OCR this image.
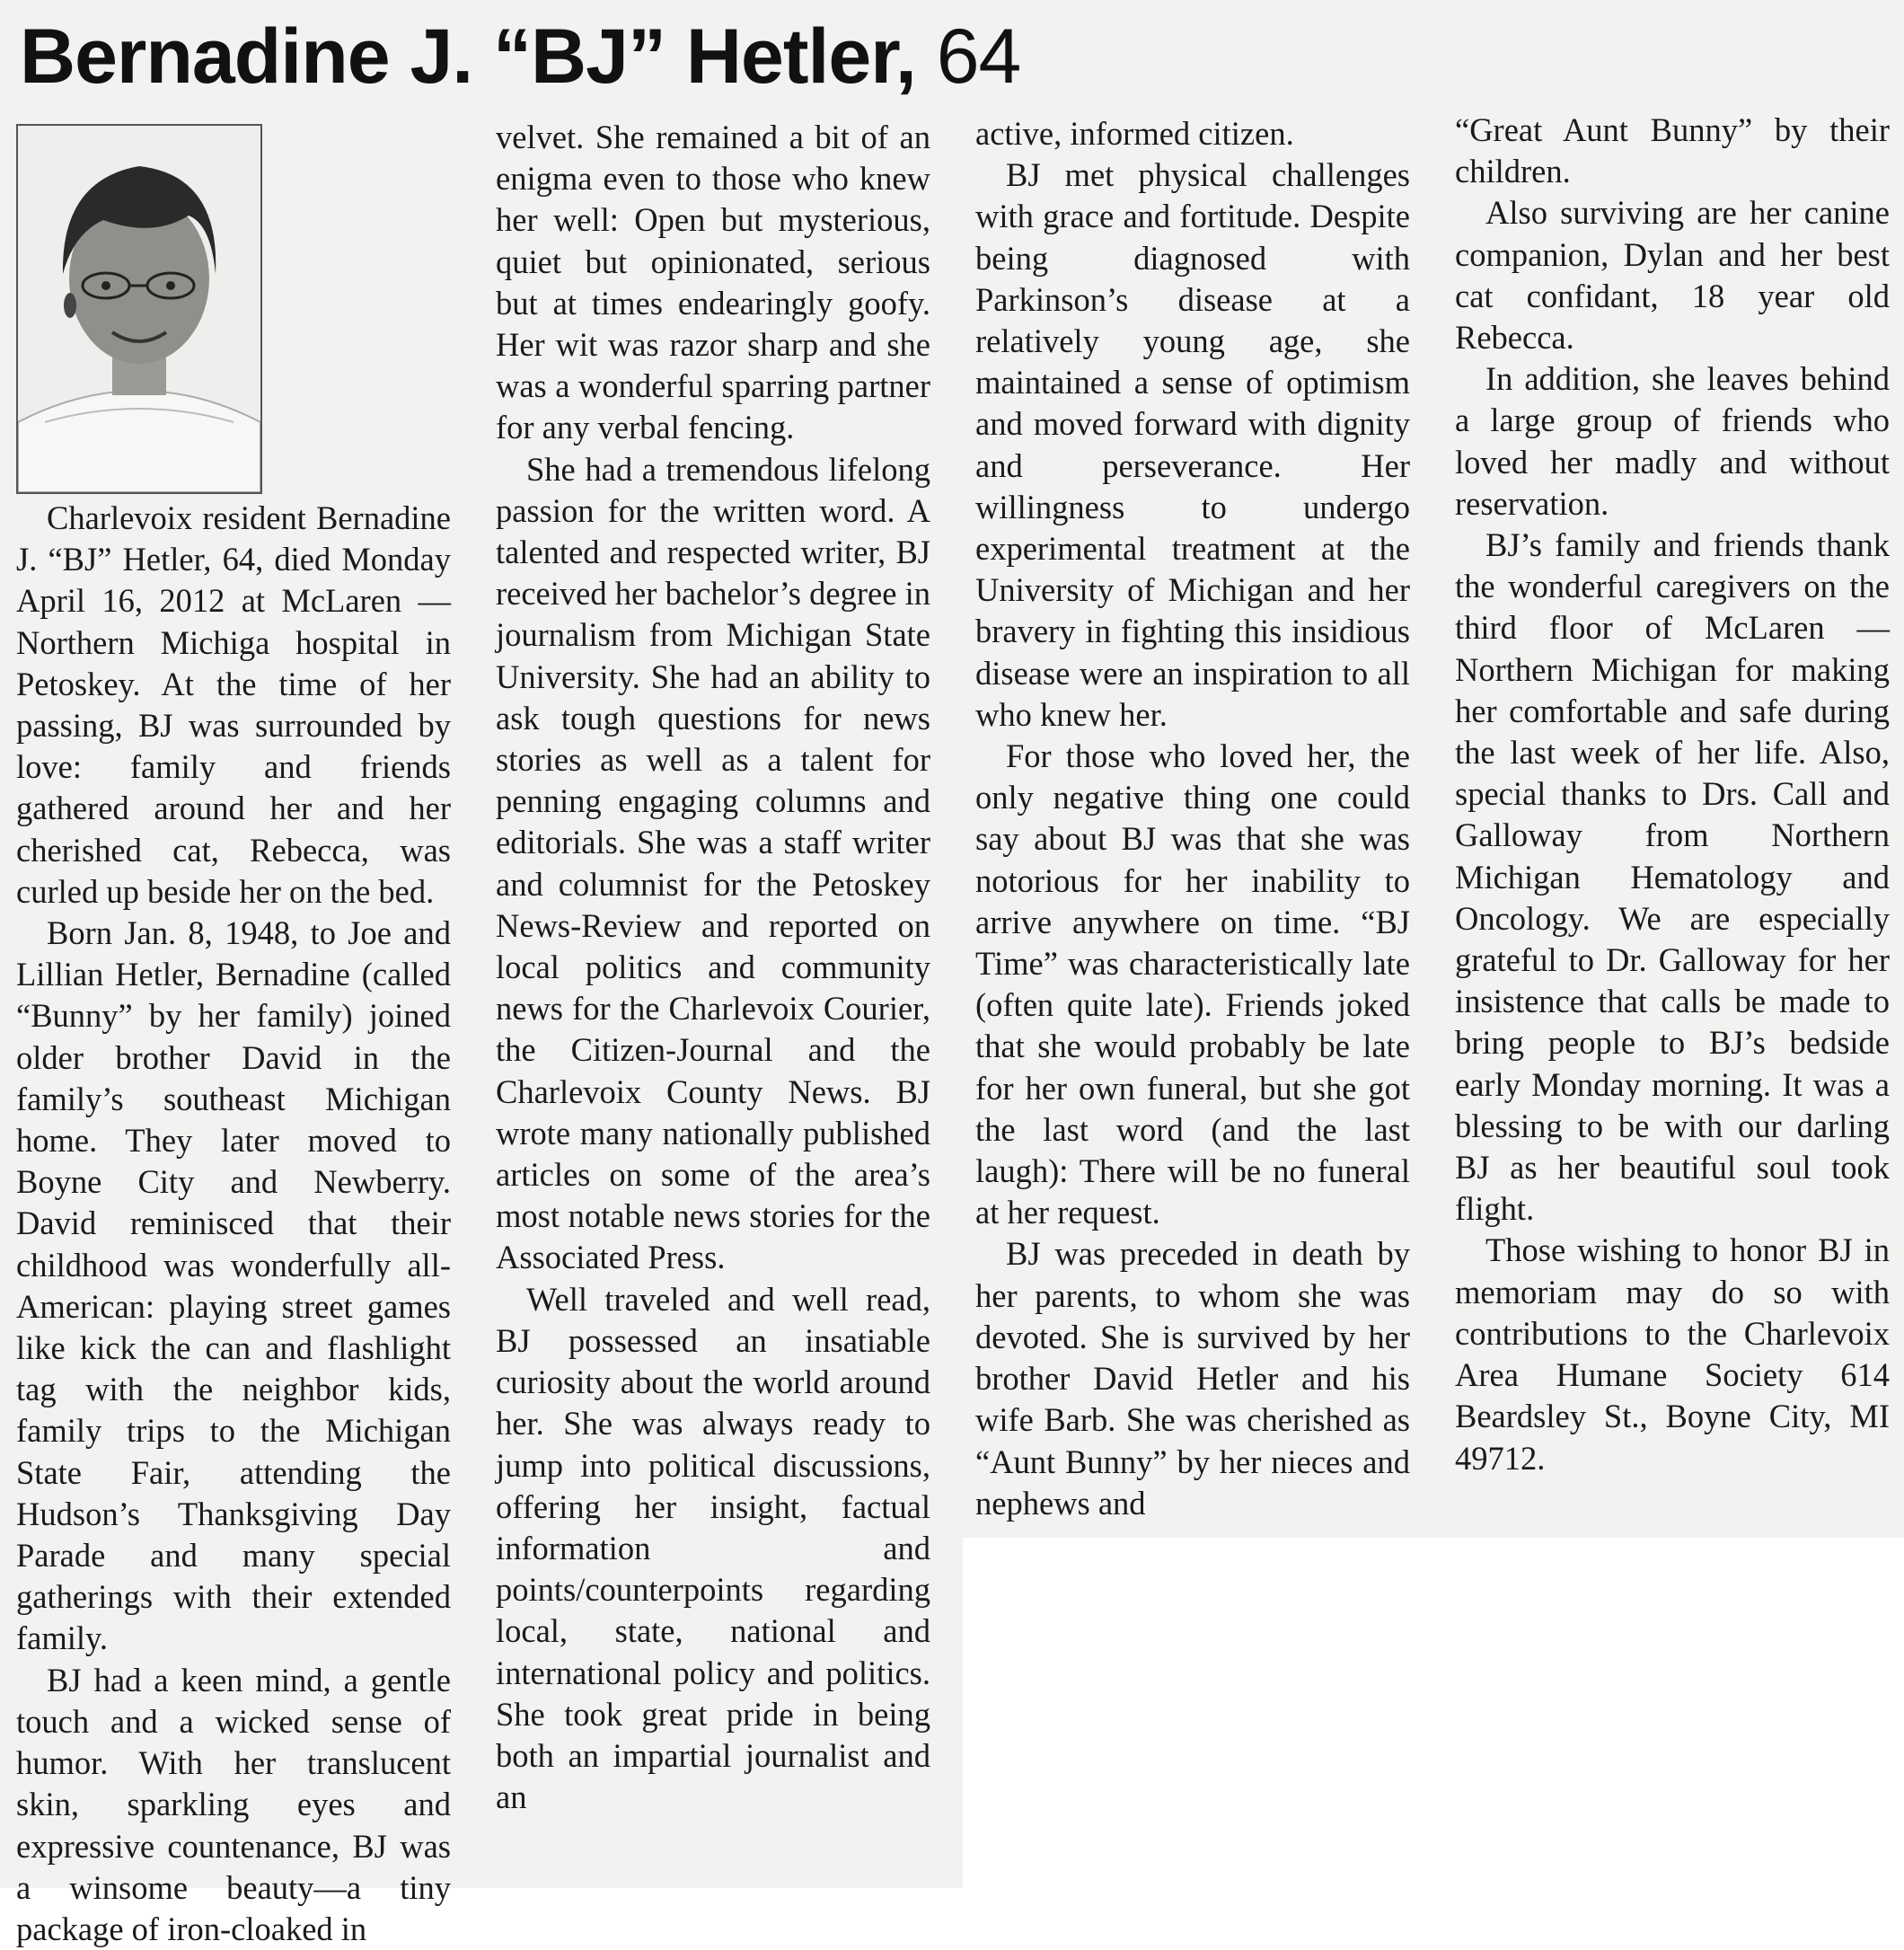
Bernadine J. “BJ” Hetler, 64

Charlevoix resident Bernadine J. “BJ” Hetler, 64, died Monday April 16, 2012 at McLaren — Northern Michiga hospital in Petoskey. At the time of her passing, BJ was surrounded by love: family and friends gathered around her and her cherished cat, Rebecca, was curled up beside her on the bed.

Born Jan. 8, 1948, to Joe and Lillian Hetler, Bernadine (called “Bunny” by her family) joined older brother David in the family’s southeast Michigan home. They later moved to Boyne City and Newberry. David reminisced that their childhood was wonderfully all-American: playing street games like kick the can and flashlight tag with the neighbor kids, family trips to the Michigan State Fair, attending the Hudson’s Thanksgiving Day Parade and many special gatherings with their extended family.

BJ had a keen mind, a gentle touch and a wicked sense of humor. With her translucent skin, sparkling eyes and expressive countenance, BJ was a winsome beauty—a tiny package of iron-cloaked in

velvet. She remained a bit of an enigma even to those who knew her well: Open but mysterious, quiet but opinionated, serious but at times endearingly goofy. Her wit was razor sharp and she was a wonderful sparring partner for any verbal fencing.

She had a tremendous lifelong passion for the written word. A talented and respected writer, BJ received her bachelor’s degree in journalism from Michigan State University. She had an ability to ask tough questions for news stories as well as a talent for penning engaging columns and editorials. She was a staff writer and columnist for the Petoskey News-Review and reported on local politics and community news for the Charlevoix Courier, the Citizen-Journal and the Charlevoix County News. BJ wrote many nationally published articles on some of the area’s most notable news stories for the Associated Press.

Well traveled and well read, BJ possessed an insatiable curiosity about the world around her. She was always ready to jump into political discussions, offering her insight, factual information and points/counterpoints regarding local, state, national and international policy and politics. She took great pride in being both an impartial journalist and an

active, informed citizen.

BJ met physical challenges with grace and fortitude. Despite being diagnosed with Parkinson’s disease at a relatively young age, she maintained a sense of optimism and moved forward with dignity and perseverance. Her willingness to undergo experimental treatment at the University of Michigan and her bravery in fighting this insidious disease were an inspiration to all who knew her.

For those who loved her, the only negative thing one could say about BJ was that she was notorious for her inability to arrive anywhere on time. “BJ Time” was characteristically late (often quite late). Friends joked that she would probably be late for her own funeral, but she got the last word (and the last laugh): There will be no funeral at her request.

BJ was preceded in death by her parents, to whom she was devoted. She is survived by her brother David Hetler and his wife Barb. She was cherished as “Aunt Bunny” by her nieces and nephews and

“Great Aunt Bunny” by their children.

Also surviving are her canine companion, Dylan and her best cat confidant, 18 year old Rebecca.

In addition, she leaves behind a large group of friends who loved her madly and without reservation.

BJ’s family and friends thank the wonderful caregivers on the third floor of McLaren — Northern Michigan for making her comfortable and safe during the last week of her life. Also, special thanks to Drs. Call and Galloway from Northern Michigan Hematology and Oncology. We are especially grateful to Dr. Galloway for her insistence that calls be made to bring people to BJ’s bedside early Monday morning. It was a blessing to be with our darling BJ as her beautiful soul took flight.

Those wishing to honor BJ in memoriam may do so with contributions to the Charlevoix Area Humane Society 614 Beardsley St., Boyne City, MI 49712.
